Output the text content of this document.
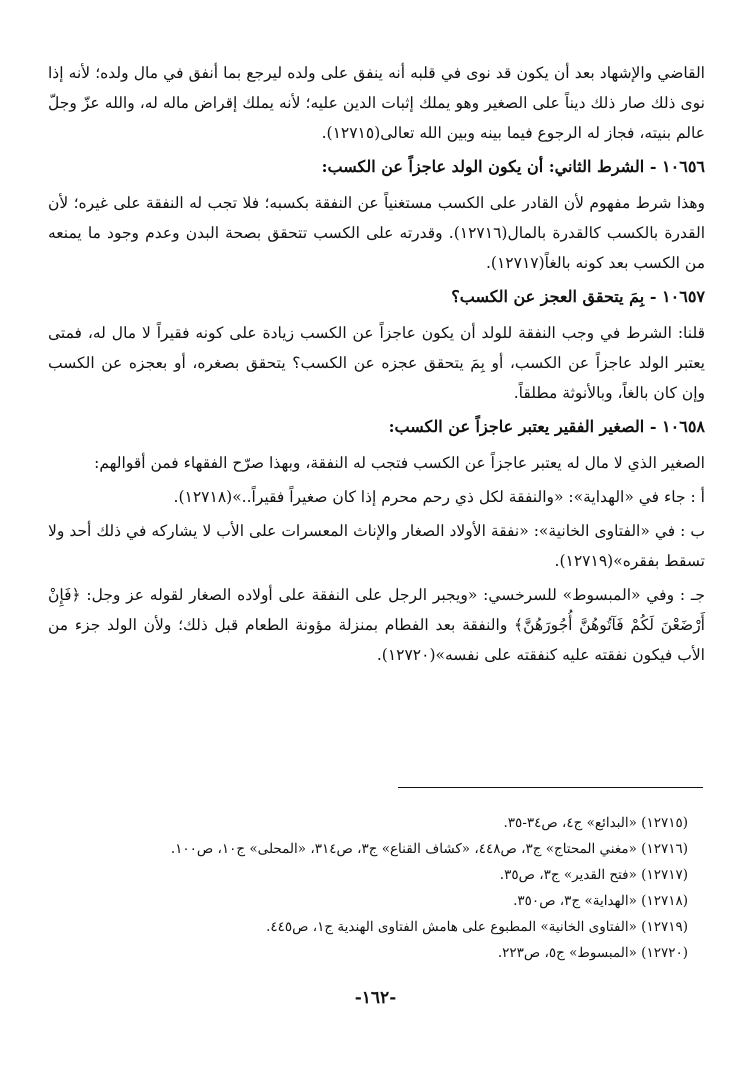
القاضي والإشهاد بعد أن يكون قد نوى في قلبه أنه ينفق على ولده ليرجع بما أنفق في مال ولده؛ لأنه إذا نوى ذلك صار ذلك ديناً على الصغير وهو يملك إثبات الدين عليه؛ لأنه يملك إقراض ماله له، والله عزّ وجلّ عالم بنيته، فجاز له الرجوع فيما بينه وبين الله تعالى(١٢٧١٥).

١٠٦٥٦ - الشرط الثاني: أن يكون الولد عاجزاً عن الكسب:

وهذا شرط مفهوم لأن القادر على الكسب مستغنياً عن النفقة بكسبه؛ فلا تجب له النفقة على غيره؛ لأن القدرة بالكسب كالقدرة بالمال(١٢٧١٦). وقدرته على الكسب تتحقق بصحة البدن وعدم وجود ما يمنعه من الكسب بعد كونه بالغاً(١٢٧١٧).

١٠٦٥٧ - بِمَ يتحقق العجز عن الكسب؟

قلنا: الشرط في وجب النفقة للولد أن يكون عاجزاً عن الكسب زيادة على كونه فقيراً لا مال له، فمتى يعتبر الولد عاجزاً عن الكسب، أو بِمَ يتحقق عجزه عن الكسب؟ يتحقق بصغره، أو بعجزه عن الكسب وإن كان بالغاً، وبالأنوثة مطلقاً.

١٠٦٥٨ - الصغير الفقير يعتبر عاجزاً عن الكسب:

الصغير الذي لا مال له يعتبر عاجزاً عن الكسب فتجب له النفقة، وبهذا صرّح الفقهاء فمن أقوالهم:

أ : جاء في «الهداية»: «والنفقة لكل ذي رحم محرم إذا كان صغيراً فقيراً..»(١٢٧١٨).

ب : في «الفتاوى الخانية»: «نفقة الأولاد الصغار والإناث المعسرات على الأب لا يشاركه في ذلك أحد ولا تسقط بفقره»(١٢٧١٩).

جـ : وفي «المبسوط» للسرخسي: «ويجبر الرجل على النفقة على أولاده الصغار لقوله عز وجل: ﴿فَإِنْ أَرْضَعْنَ لَكُمْ فَآتُوهُنَّ أُجُورَهُنَّ﴾ والنفقة بعد الفطام بمنزلة مؤونة الطعام قبل ذلك؛ ولأن الولد جزء من الأب فيكون نفقته عليه كنفقته على نفسه»(١٢٧٢٠).

(١٢٧١٥) «البدائع» ج٤، ص٣٤-٣٥.

(١٢٧١٦) «مغني المحتاج» ج٣، ص٤٤٨، «كشاف القناع» ج٣، ص٣١٤، «المحلى» ج١٠، ص١٠٠.

(١٢٧١٧) «فتح القدير» ج٣، ص٣٥.

(١٢٧١٨) «الهداية» ج٣، ص٣٥٠.

(١٢٧١٩) «الفتاوى الخانية» المطبوع على هامش الفتاوى الهندية ج١، ص٤٤٥.

(١٢٧٢٠) «المبسوط» ج٥، ص٢٢٣.

-١٦٢-
